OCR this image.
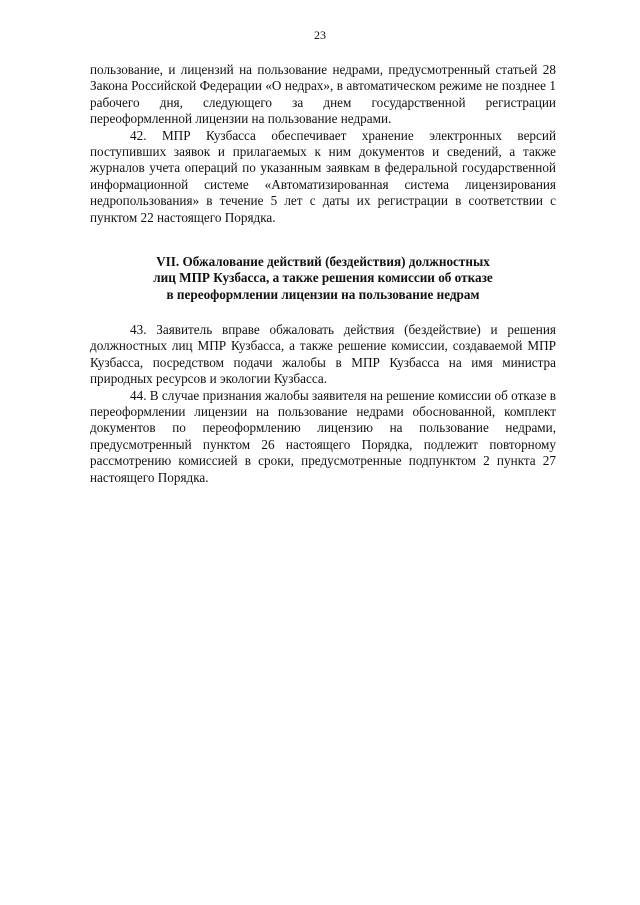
23

пользование, и лицензий на пользование недрами, предусмотренный статьей 28 Закона Российской Федерации «О недрах», в автоматическом режиме не позднее 1 рабочего дня, следующего за днем государственной регистрации переоформленной лицензии на пользование недрами.

42. МПР Кузбасса обеспечивает хранение электронных версий поступивших заявок и прилагаемых к ним документов и сведений, а также журналов учета операций по указанным заявкам в федеральной государственной информационной системе «Автоматизированная система лицензирования недропользования» в течение 5 лет с даты их регистрации в соответствии с пунктом 22 настоящего Порядка.

VII. Обжалование действий (бездействия) должностных
лиц МПР Кузбасса, а также решения комиссии об отказе
в переоформлении лицензии на пользование недрам

43. Заявитель вправе обжаловать действия (бездействие) и решения должностных лиц МПР Кузбасса, а также решение комиссии, создаваемой МПР Кузбасса, посредством подачи жалобы в МПР Кузбасса на имя министра природных ресурсов и экологии Кузбасса.

44. В случае признания жалобы заявителя на решение комиссии об отказе в переоформлении лицензии на пользование недрами обоснованной, комплект документов по переоформлению лицензию на пользование недрами, предусмотренный пунктом 26 настоящего Порядка, подлежит повторному рассмотрению комиссией в сроки, предусмотренные подпунктом 2 пункта 27 настоящего Порядка.
